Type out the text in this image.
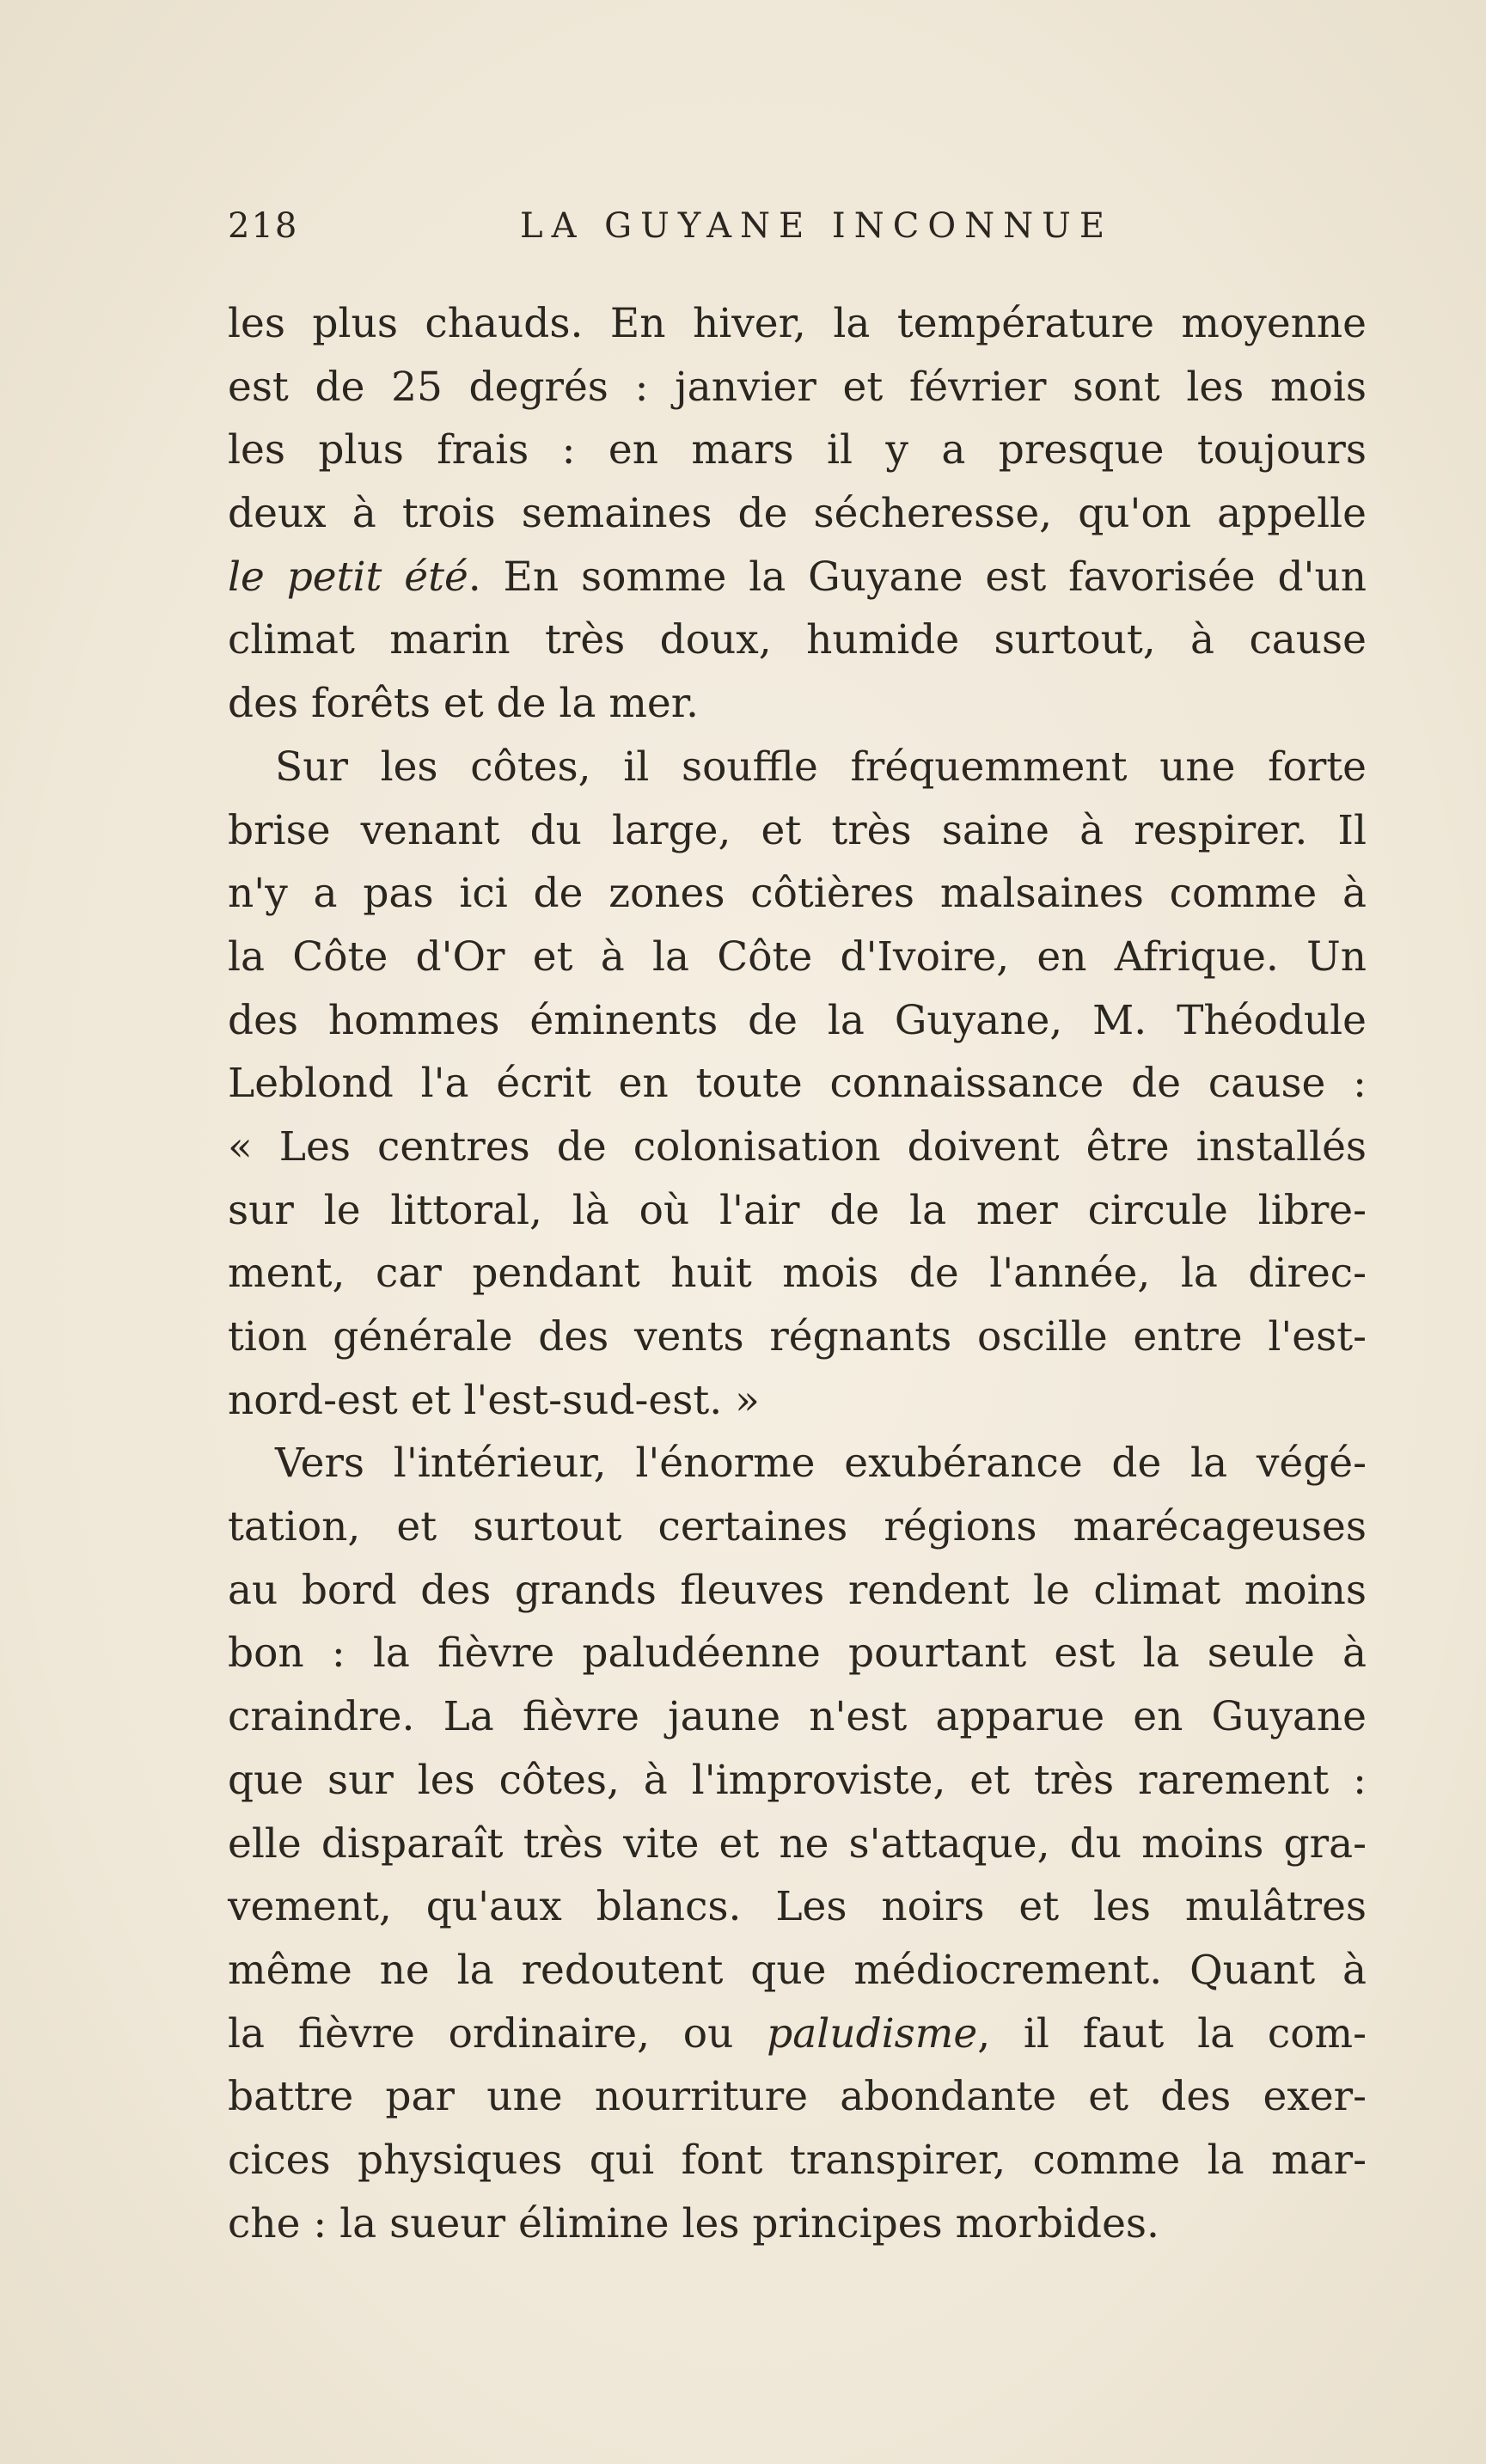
218	LA GUYANE INCONNUE
les plus chauds. En hiver, la température moyenne
est de 25 degrés : janvier et février sont les mois
les plus frais : en mars il y a presque toujours
deux à trois semaines de sécheresse, qu'on appelle
le petit été. En somme la Guyane est favorisée d'un
climat marin très doux, humide surtout, à cause
des forêts et de la mer.
Sur les côtes, il souffle fréquemment une forte
brise venant du large, et très saine à respirer. Il
n'y a pas ici de zones côtières malsaines comme à
la Côte d'Or et à la Côte d'Ivoire, en Afrique. Un
des hommes éminents de la Guyane, M. Théodule
Leblond l'a écrit en toute connaissance de cause :
« Les centres de colonisation doivent être installés
sur le littoral, là où l'air de la mer circule libre-
ment, car pendant huit mois de l'année, la direc-
tion générale des vents régnants oscille entre l'est-
nord-est et l'est-sud-est. »
Vers l'intérieur, l'énorme exubérance de la végé-
tation, et surtout certaines régions marécageuses
au bord des grands fleuves rendent le climat moins
bon : la fièvre paludéenne pourtant est la seule à
craindre. La fièvre jaune n'est apparue en Guyane
que sur les côtes, à l'improviste, et très rarement :
elle disparaît très vite et ne s'attaque, du moins gra-
vement, qu'aux blancs. Les noirs et les mulâtres
même ne la redoutent que médiocrement. Quant à
la fièvre ordinaire, ou paludisme, il faut la com-
battre par une nourriture abondante et des exer-
cices physiques qui font transpirer, comme la mar-
che : la sueur élimine les principes morbides.
